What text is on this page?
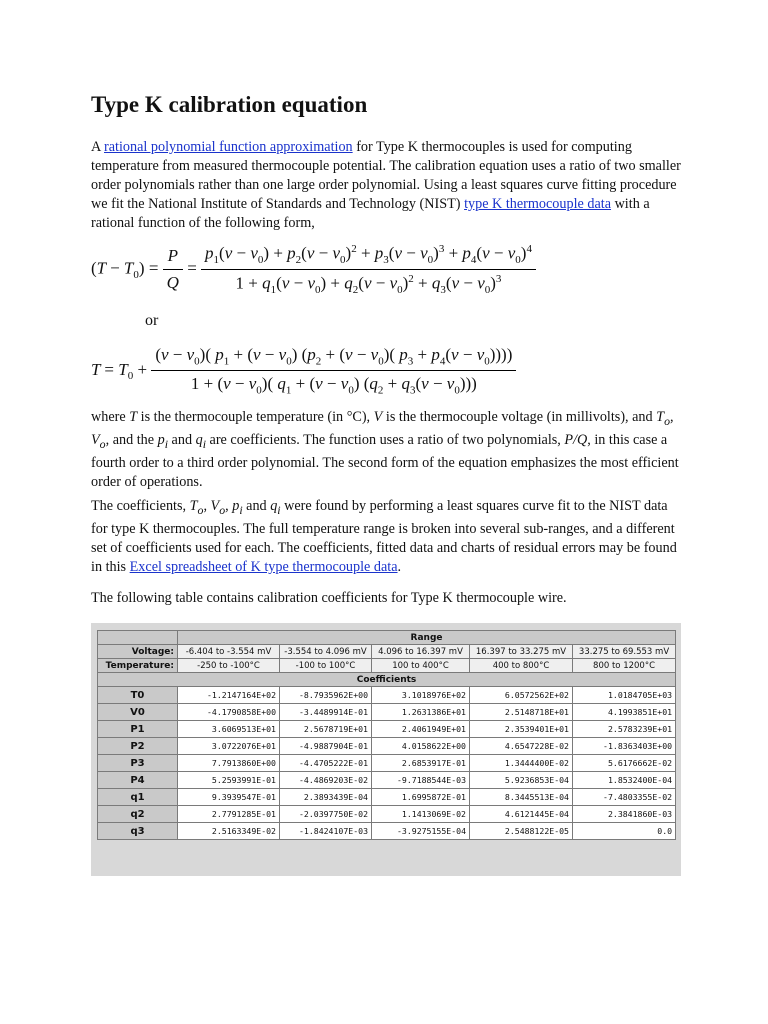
Type K calibration equation

A rational polynomial function approximation for Type K thermocouples is used for computing temperature from measured thermocouple potential. The calibration equation uses a ratio of two smaller order polynomials rather than one large order polynomial. Using a least squares curve fitting procedure we fit the National Institute of Standards and Technology (NIST) type K thermocouple data with a rational function of the following form,

$(T - T_0) = \frac{P}{Q} = \frac{p_1(v - v_0) + p_2(v - v_0)^2 + p_3(v - v_0)^3 + p_4(v - v_0)^4}{1 + q_1(v - v_0) + q_2(v - v_0)^2 + q_3(v - v_0)^3}$
or
$T = T_0 + \frac{(v - v_0)( p_1 + (v - v_0) (p_2 + (v - v_0)( p_3 + p_4(v - v_0))))}{1 + (v - v_0)( q_1 + (v - v_0) (q_2 + q_3(v - v_0)))}$

where T is the thermocouple temperature (in °C), V is the thermocouple voltage (in millivolts), and $T_o$, $V_o$, and the $p_i$ and $q_i$ are coefficients. The function uses a ratio of two polynomials, P/Q, in this case a fourth order to a third order polynomial. The second form of the equation emphasizes the most efficient order of operations.

The coefficients, $T_o$, $V_o$, $p_i$ and $q_i$ were found by performing a least squares curve fit to the NIST data for type K thermocouples. The full temperature range is broken into several sub-ranges, and a different set of coefficients used for each. The coefficients, fitted data and charts of residual errors may be found in this Excel spreadsheet of K type thermocouple data.

The following table contains calibration coefficients for Type K thermocouple wire.

	Range				
Voltage:	-6.404 to -3.554 mV	-3.554 to 4.096 mV	4.096 to 16.397 mV	16.397 to 33.275 mV	33.275 to 69.553 mV
Temperature:	-250 to -100°C	-100 to 100°C	100 to 400°C	400 to 800°C	800 to 1200°C
Coefficients					
T0	-1.2147164E+02	-8.7935962E+00	3.1018976E+02	6.0572562E+02	1.0184705E+03
V0	-4.1790858E+00	-3.4489914E-01	1.2631386E+01	2.5148718E+01	4.1993851E+01
P1	3.6069513E+01	2.5678719E+01	2.4061949E+01	2.3539401E+01	2.5783239E+01
P2	3.0722076E+01	-4.9887904E-01	4.0158622E+00	4.6547228E-02	-1.8363403E+00
P3	7.7913860E+00	-4.4705222E-01	2.6853917E-01	1.3444400E-02	5.6176662E-02
P4	5.2593991E-01	-4.4869203E-02	-9.7188544E-03	5.9236853E-04	1.8532400E-04
q1	9.3939547E-01	2.3893439E-04	1.6995872E-01	8.3445513E-04	-7.4803355E-02
q2	2.7791285E-01	-2.0397750E-02	1.1413069E-02	4.6121445E-04	2.3841860E-03
q3	2.5163349E-02	-1.8424107E-03	-3.9275155E-04	2.5488122E-05	0.0
